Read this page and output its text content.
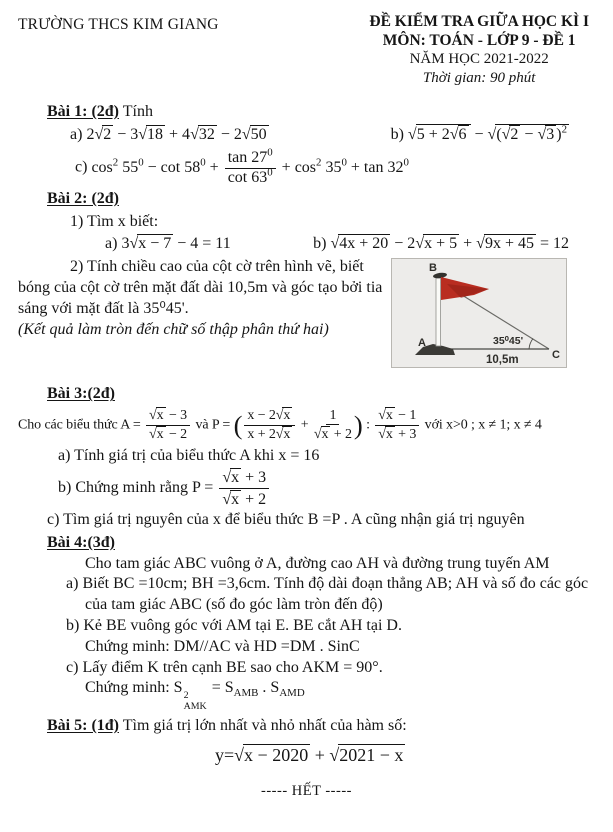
TRƯỜNG THCS KIM GIANG	ĐỀ KIỂM TRA GIỮA HỌC KÌ I
MÔN: TOÁN - LỚP 9 - ĐỀ 1
NĂM HỌC 2021-2022
Thời gian: 90 phút
Bài 1: (2đ) Tính
a) 2√2 − 3√18 + 4√32 − 2√50	b) √5 + 2√6 − √(√2 − √3 )$^2$
c) $\cos^2 55^0 - \cot 58^0 + \frac{\tan 27^0}{\cot 63^0} + \cos^2 35^0 + \tan 32^0$
Bài 2: (2đ)
1) Tìm x biết:
a) 3√x − 7 − 4 = 11	b) √4x + 20 − 2√x + 5 + √9x + 45 = 12
B
A
C
35⁰45'
10,5m
2) Tính chiều cao của cột cờ trên hình vẽ, biết bóng của cột cờ trên mặt đất dài 10,5m và góc tạo bởi tia sáng với mặt đất là 35⁰45'.
(Kết quả làm tròn đến chữ số thập phân thứ hai)
Bài 3:(2đ)
Cho các biểu thức $A = \frac{√x - 3}{√x - 2}$ và P = ( $\frac{x - 2√x}{x + 2√x} + \frac{1}{√x + 2}$ ) : $\frac{√x - 1}{√x + 3}$ với x>0 ; x ≠ 1; x ≠ 4
a) Tính giá trị của biểu thức A khi x = 16
b) Chứng minh rằng $P = \frac{√x + 3}{√x + 2}$
c) Tìm giá trị nguyên của x để biểu thức B =P . A cũng nhận giá trị nguyên
Bài 4:(3đ)
Cho tam giác ABC vuông ở A, đường cao AH và đường trung tuyến AM
a) Biết BC =10cm; BH =3,6cm. Tính độ dài đoạn thẳng AB; AH và số đo các góc của tam giác ABC (số đo góc làm tròn đến độ)
b) Kẻ BE vuông góc với AM tại E. BE cắt AH tại D.
Chứng minh: DM//AC và HD =DM . SinC
c) Lấy điểm K trên cạnh BE sao cho AKM = 90°.
Chứng minh: S 2
AMK
= $S_{AMB}$ . $S_{AMD}$
Bài 5: (1đ) Tìm giá trị lớn nhất và nhỏ nhất của hàm số:
y=√x − 2020 + √2021 − x
----- HẾT -----
